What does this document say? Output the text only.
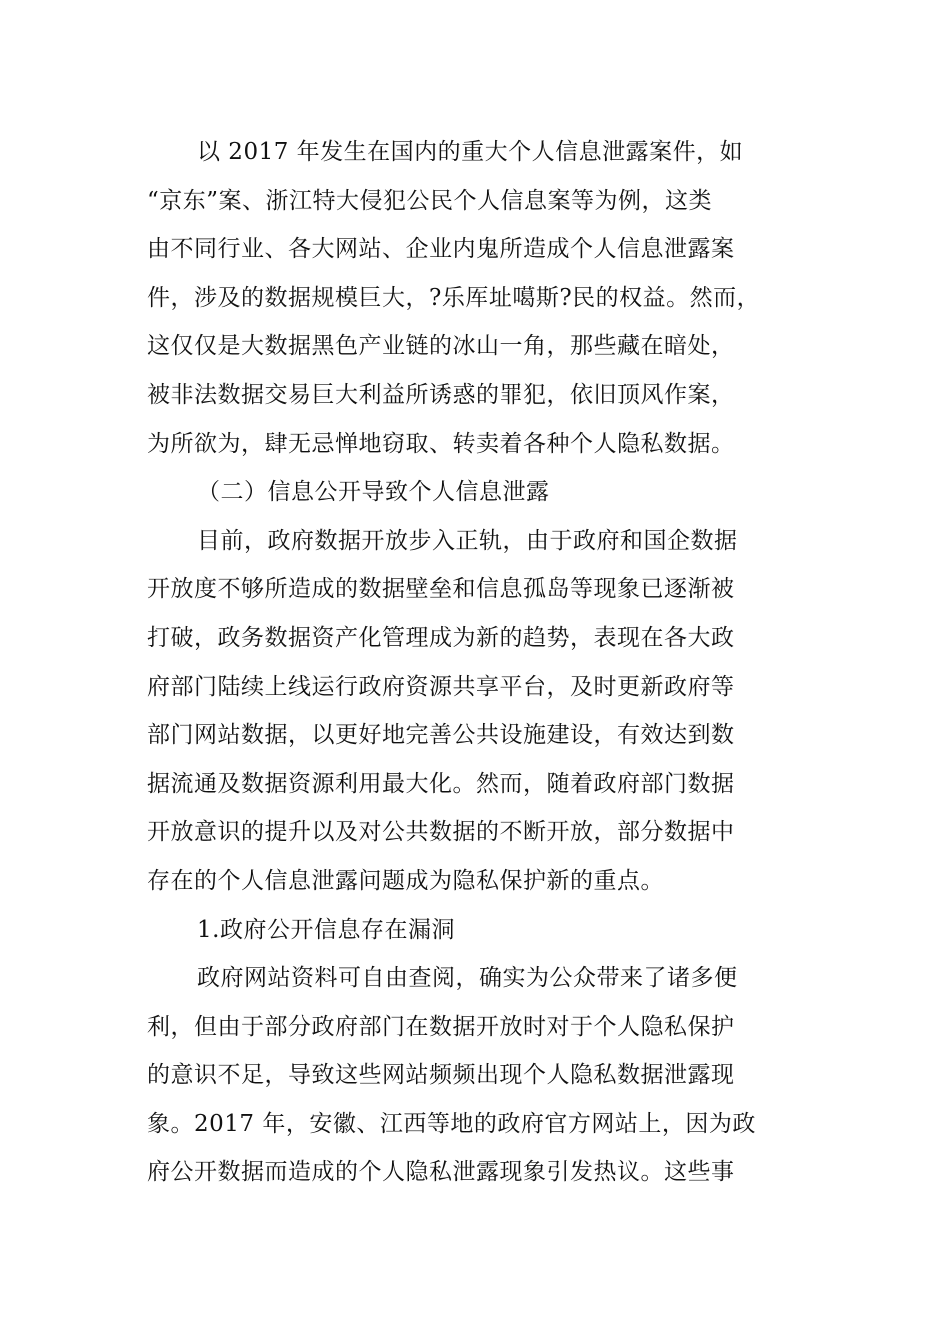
以 2017 年发生在国内的重大个人信息泄露案件，如
“京东”案、浙江特大侵犯公民个人信息案等为例，这类
由不同行业、各大网站、企业内鬼所造成个人信息泄露案
件，涉及的数据规模巨大，?乐厍址噶斯?民的权益。然而，
这仅仅是大数据黑色产业链的冰山一角，那些藏在暗处，
被非法数据交易巨大利益所诱惑的罪犯，依旧顶风作案，
为所欲为，肆无忌惮地窃取、转卖着各种个人隐私数据。
（二）信息公开导致个人信息泄露
目前，政府数据开放步入正轨，由于政府和国企数据
开放度不够所造成的数据壁垒和信息孤岛等现象已逐渐被
打破，政务数据资产化管理成为新的趋势，表现在各大政
府部门陆续上线运行政府资源共享平台，及时更新政府等
部门网站数据，以更好地完善公共设施建设，有效达到数
据流通及数据资源利用最大化。然而，随着政府部门数据
开放意识的提升以及对公共数据的不断开放，部分数据中
存在的个人信息泄露问题成为隐私保护新的重点。
1.政府公开信息存在漏洞
政府网站资料可自由查阅，确实为公众带来了诸多便
利，但由于部分政府部门在数据开放时对于个人隐私保护
的意识不足，导致这些网站频频出现个人隐私数据泄露现
象。2017 年，安徽、江西等地的政府官方网站上，因为政
府公开数据而造成的个人隐私泄露现象引发热议。这些事
